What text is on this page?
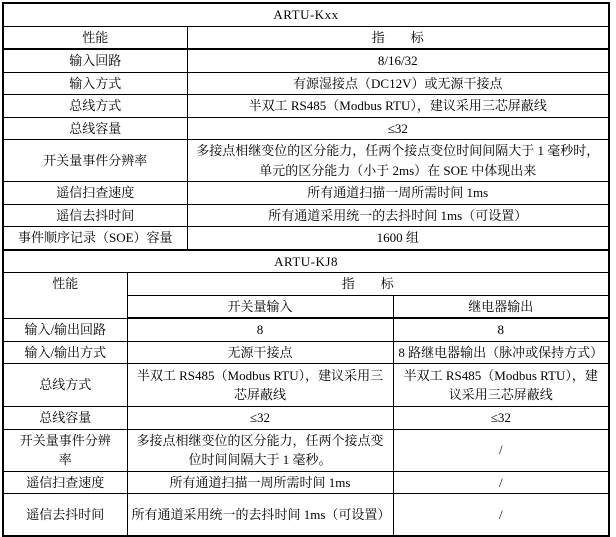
ARTU-Kxx	
性能	指　　标
输入回路	8/16/32
输入方式	有源湿接点（DC12V）或无源干接点
总线方式	半双工 RS485（Modbus RTU），建议采用三芯屏蔽线
总线容量	≤32
开关量事件分辨率	多接点相继变位的区分能力，任两个接点变位时间间隔大于 1 毫秒时，单元的区分能力（小于 2ms）在 SOE 中体现出来
遥信扫查速度	所有通道扫描一周所需时间 1ms
遥信去抖时间	所有通道采用统一的去抖时间 1ms（可设置）
事件顺序记录（SOE）容量	1600 组
ARTU-KJ8		
性能	指　　标	
	开关量输入	继电器输出
输入/输出回路	8	8
输入/输出方式	无源干接点	8 路继电器输出（脉冲或保持方式）
总线方式	半双工 RS485（Modbus RTU），建议采用三芯屏蔽线	半双工 RS485（Modbus RTU），建议采用三芯屏蔽线
总线容量	≤32	≤32
开关量事件分辨率	多接点相继变位的区分能力，任两个接点变位时间间隔大于 1 毫秒。	/
遥信扫查速度	所有通道扫描一周所需时间 1ms	/
遥信去抖时间	所有通道采用统一的去抖时间 1ms（可设置）	/
